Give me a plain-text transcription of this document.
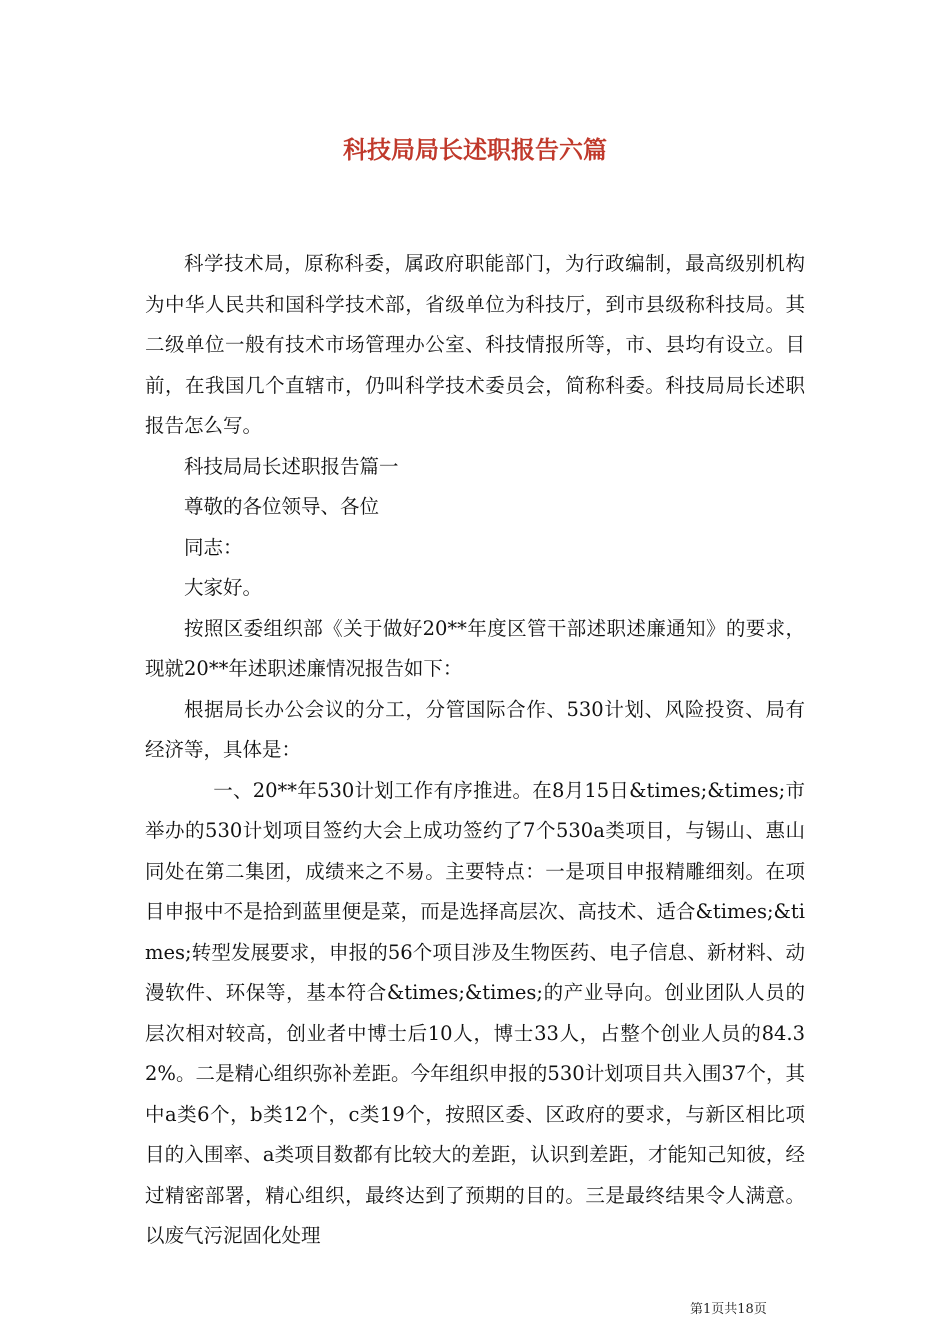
科技局局长述职报告六篇

科学技术局，原称科委，属政府职能部门，为行政编制，最高级别机构为中华人民共和国科学技术部，省级单位为科技厅，到市县级称科技局。其二级单位一般有技术市场管理办公室、科技情报所等，市、县均有设立。目前，在我国几个直辖市，仍叫科学技术委员会，简称科委。科技局局长述职报告怎么写。

科技局局长述职报告篇一

尊敬的各位领导、各位

同志：

大家好。

按照区委组织部《关于做好20**年度区管干部述职述廉通知》的要求，现就20**年述职述廉情况报告如下：

根据局长办公会议的分工，分管国际合作、530计划、风险投资、局有经济等，具体是：

一、20**年530计划工作有序推进。在8月15日&times;&times;市举办的530计划项目签约大会上成功签约了7个530a类项目，与锡山、惠山同处在第二集团，成绩来之不易。主要特点：一是项目申报精雕细刻。在项目申报中不是拾到蓝里便是菜，而是选择高层次、高技术、适合&times;&times;转型发展要求，申报的56个项目涉及生物医药、电子信息、新材料、动漫软件、环保等，基本符合&times;&times;的产业导向。创业团队人员的层次相对较高，创业者中博士后10人，博士33人，占整个创业人员的84.32%。二是精心组织弥补差距。今年组织申报的530计划项目共入围37个，其中a类6个，b类12个，c类19个，按照区委、区政府的要求，与新区相比项目的入围率、a类项目数都有比较大的差距，认识到差距，才能知己知彼，经过精密部署，精心组织，最终达到了预期的目的。三是最终结果令人满意。以废气污泥固化处理

第1页共18页
